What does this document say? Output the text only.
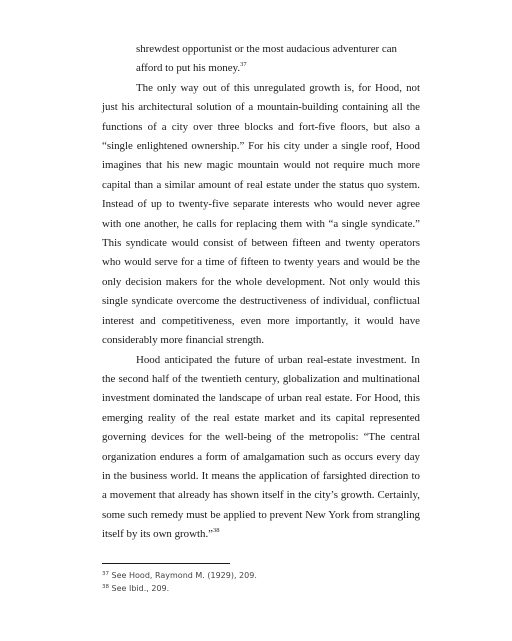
shrewdest opportunist or the most audacious adventurer can afford to put his money.$^{37}$

The only way out of this unregulated growth is, for Hood, not just his architectural solution of a mountain-building containing all the functions of a city over three blocks and fort-five floors, but also a “single enlightened ownership.” For his city under a single roof, Hood imagines that his new magic mountain would not require much more capital than a similar amount of real estate under the status quo system. Instead of up to twenty-five separate interests who would never agree with one another, he calls for replacing them with “a single syndicate.” This syndicate would consist of between fifteen and twenty operators who would serve for a time of fifteen to twenty years and would be the only decision makers for the whole development. Not only would this single syndicate overcome the destructiveness of individual, conflictual interest and competitiveness, even more importantly, it would have considerably more financial strength.

Hood anticipated the future of urban real-estate investment. In the second half of the twentieth century, globalization and multinational investment dominated the landscape of urban real estate. For Hood, this emerging reality of the real estate market and its capital represented governing devices for the well-being of the metropolis: “The central organization endures a form of amalgamation such as occurs every day in the business world. It means the application of farsighted direction to a movement that already has shown itself in the city’s growth. Certainly, some such remedy must be applied to prevent New York from strangling itself by its own growth.”$^{38}$

$^{37}$ See Hood, Raymond M. (1929), 209.

$^{38}$ See Ibid., 209.
